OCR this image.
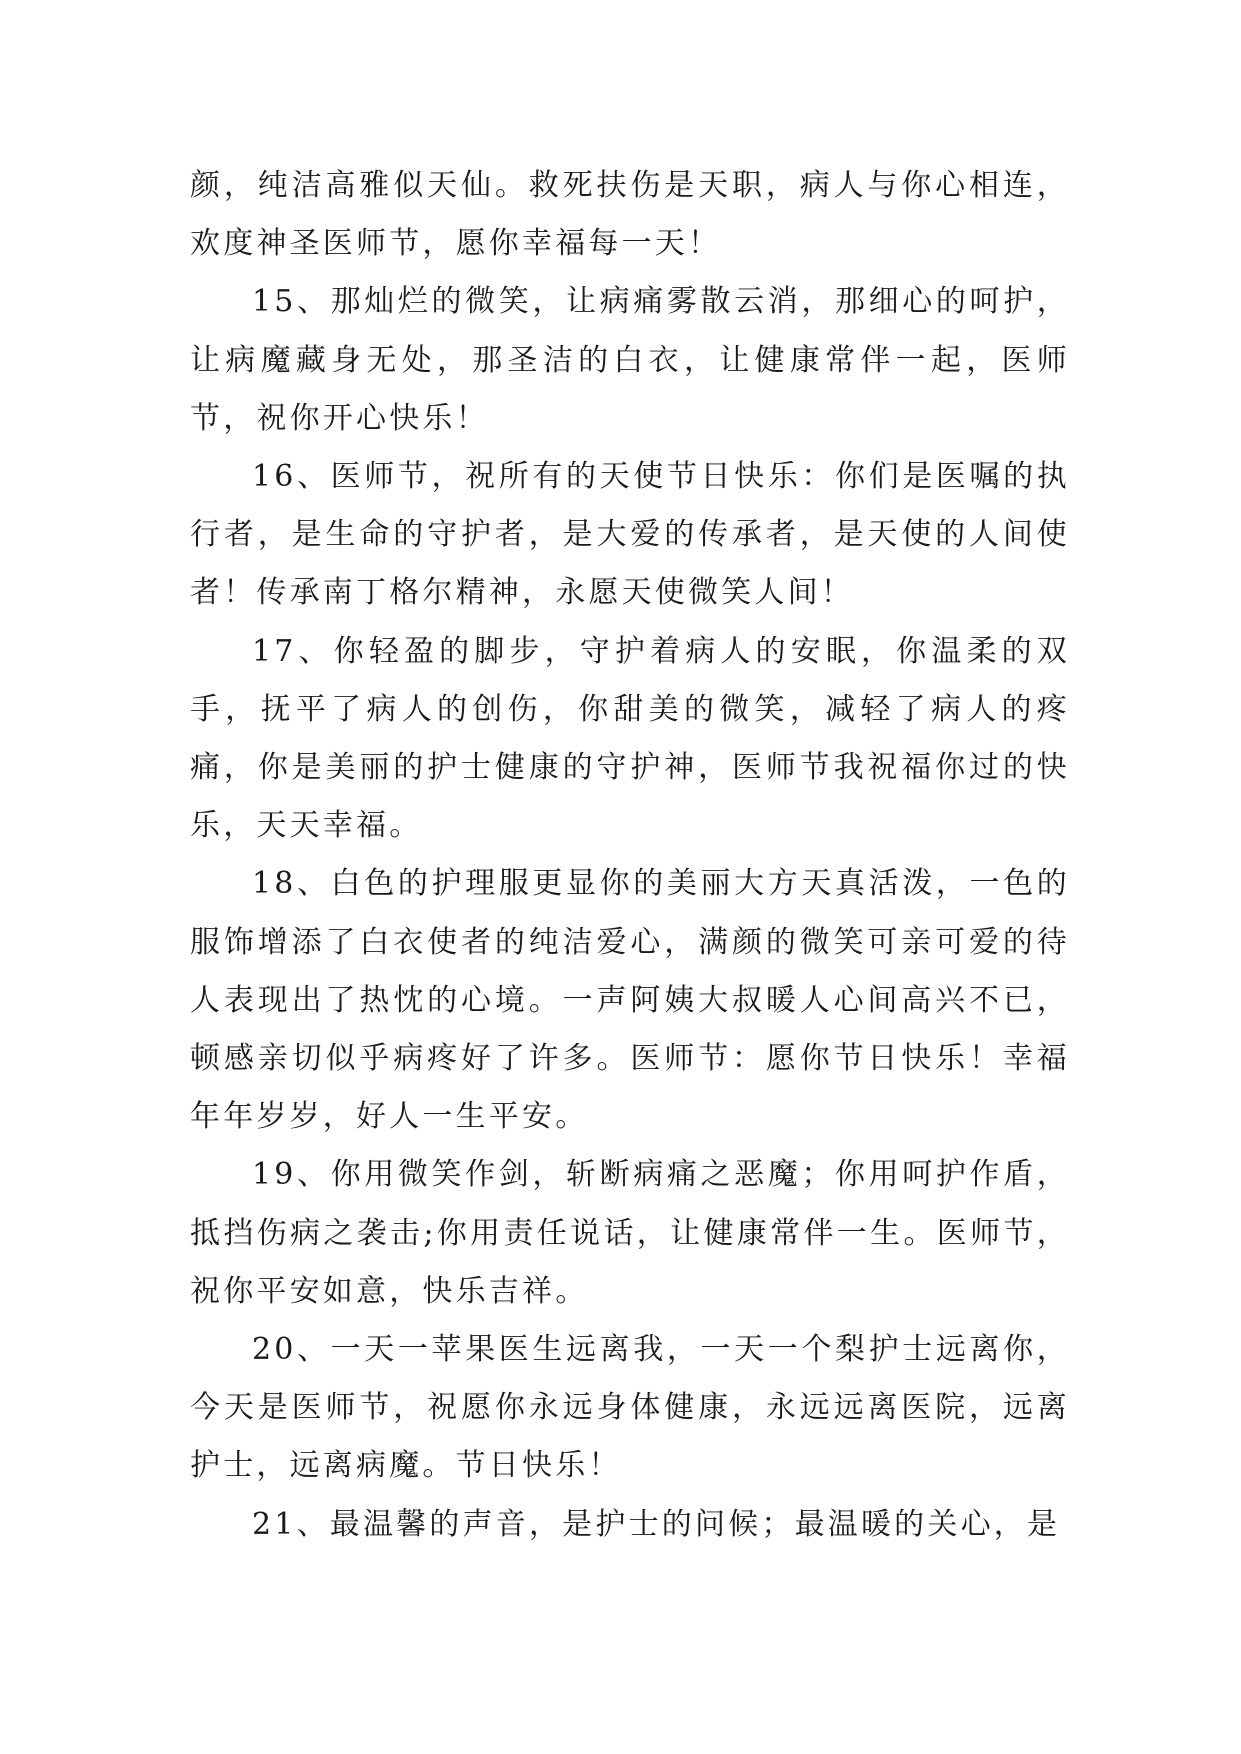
颜，纯洁高雅似天仙。救死扶伤是天职，病人与你心相连，欢度神圣医师节，愿你幸福每一天！

15、那灿烂的微笑，让病痛雾散云消，那细心的呵护，让病魔藏身无处，那圣洁的白衣，让健康常伴一起，医师节，祝你开心快乐！

16、医师节，祝所有的天使节日快乐：你们是医嘱的执行者，是生命的守护者，是大爱的传承者，是天使的人间使者！传承南丁格尔精神，永愿天使微笑人间！

17、你轻盈的脚步，守护着病人的安眠，你温柔的双手，抚平了病人的创伤，你甜美的微笑，减轻了病人的疼痛，你是美丽的护士健康的守护神，医师节我祝福你过的快乐，天天幸福。

18、白色的护理服更显你的美丽大方天真活泼，一色的服饰增添了白衣使者的纯洁爱心，满颜的微笑可亲可爱的待人表现出了热忱的心境。一声阿姨大叔暖人心间高兴不已，顿感亲切似乎病疼好了许多。医师节：愿你节日快乐！幸福年年岁岁，好人一生平安。

19、你用微笑作剑，斩断病痛之恶魔；你用呵护作盾，抵挡伤病之袭击;你用责任说话，让健康常伴一生。医师节，祝你平安如意，快乐吉祥。

20、一天一苹果医生远离我，一天一个梨护士远离你，今天是医师节，祝愿你永远身体健康，永远远离医院，远离护士，远离病魔。节日快乐！

21、最温馨的声音，是护士的问候；最温暖的关心，是
